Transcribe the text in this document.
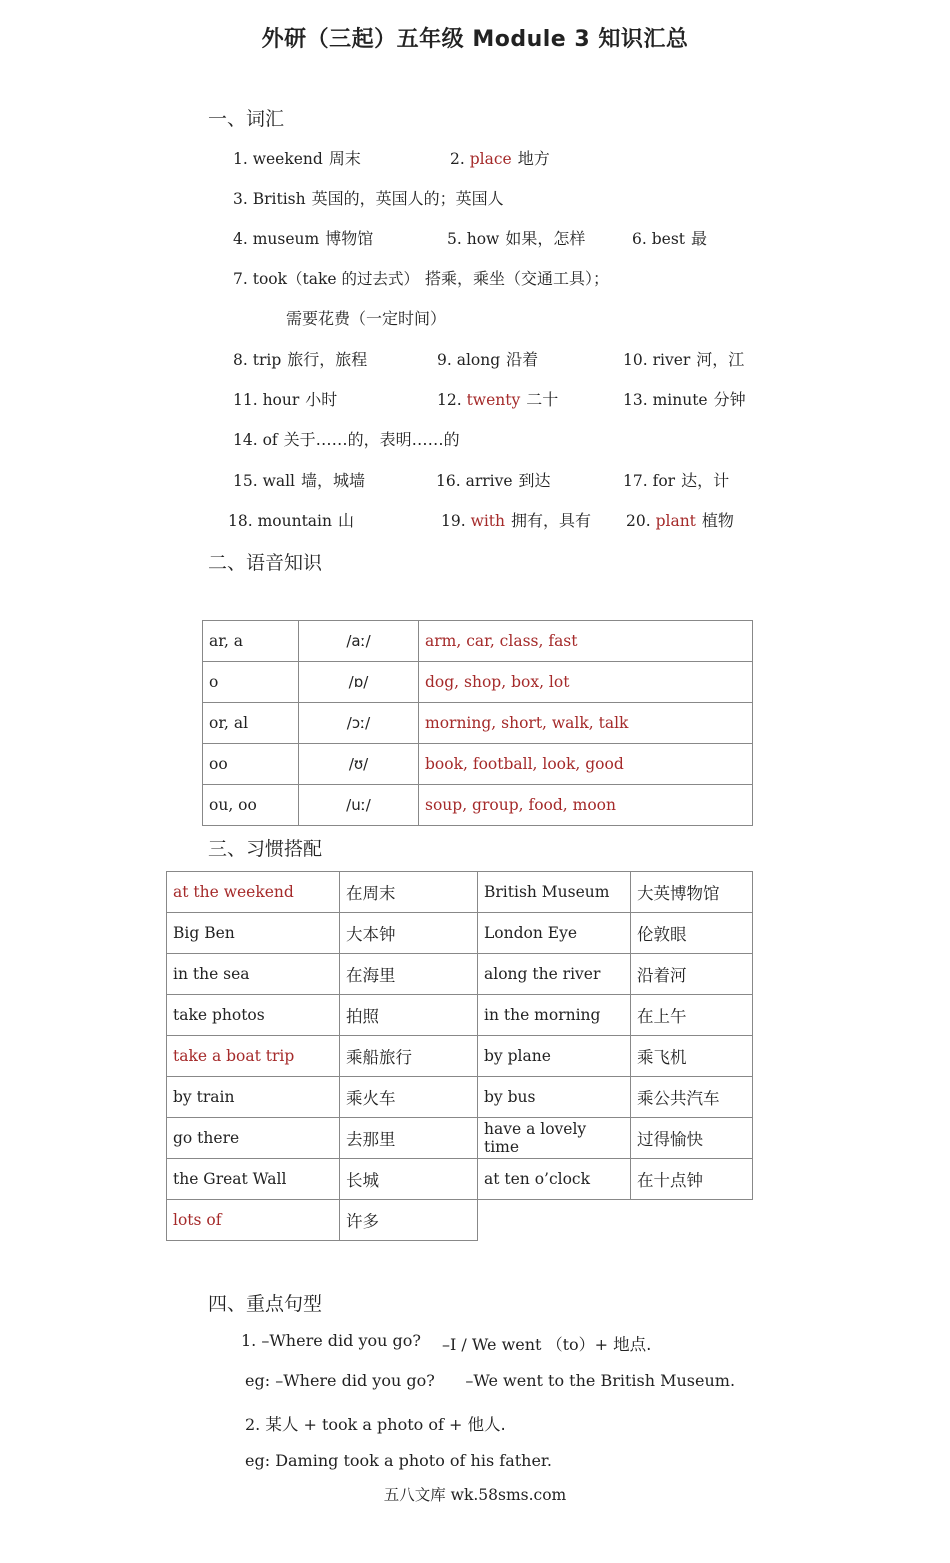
外研（三起）五年级 Module 3 知识汇总
一、词汇
1. weekend 周末	2. place 地方
3. British 英国的，英国人的；英国人
4. museum 博物馆	5. how 如果，怎样	6. best 最
7. took（take 的过去式） 搭乘，乘坐（交通工具）；
需要花费（一定时间）
8. trip 旅行，旅程	9. along 沿着	10. river 河，江
11. hour 小时	12. twenty 二十	13. minute 分钟
14. of 关于……的，表明……的
15. wall 墙，城墙	16. arrive 到达	17. for 达，计
18. mountain 山	19. with 拥有，具有 20. plant 植物
二、语音知识
ar, a	/aː/	arm, car, class, fast
o	/ɒ/	dog, shop, box, lot
or, al	/ɔː/	morning, short, walk, talk
oo	/ʊ/	book, football, look, good
ou, oo	/uː/	soup, group, food, moon
三、习惯搭配
at the weekend	在周末	British Museum	大英博物馆
Big Ben	大本钟	London Eye	伦敦眼
in the sea	在海里	along the river	沿着河
take photos	拍照	in the morning	在上午
take a boat trip	乘船旅行	by plane	乘飞机
by train	乘火车	by bus	乘公共汽车
go there	去那里	have a lovely time	过得愉快
the Great Wall	长城	at ten o’clock	在十点钟
lots of	许多		
四、重点句型
1. –Where did you go? –I / We went （to）+ 地点.
eg: –Where did you go?      –We went to the British Museum.
2. 某人 + took a photo of + 他人.
eg: Daming took a photo of his father.
五八文库 wk.58sms.com
